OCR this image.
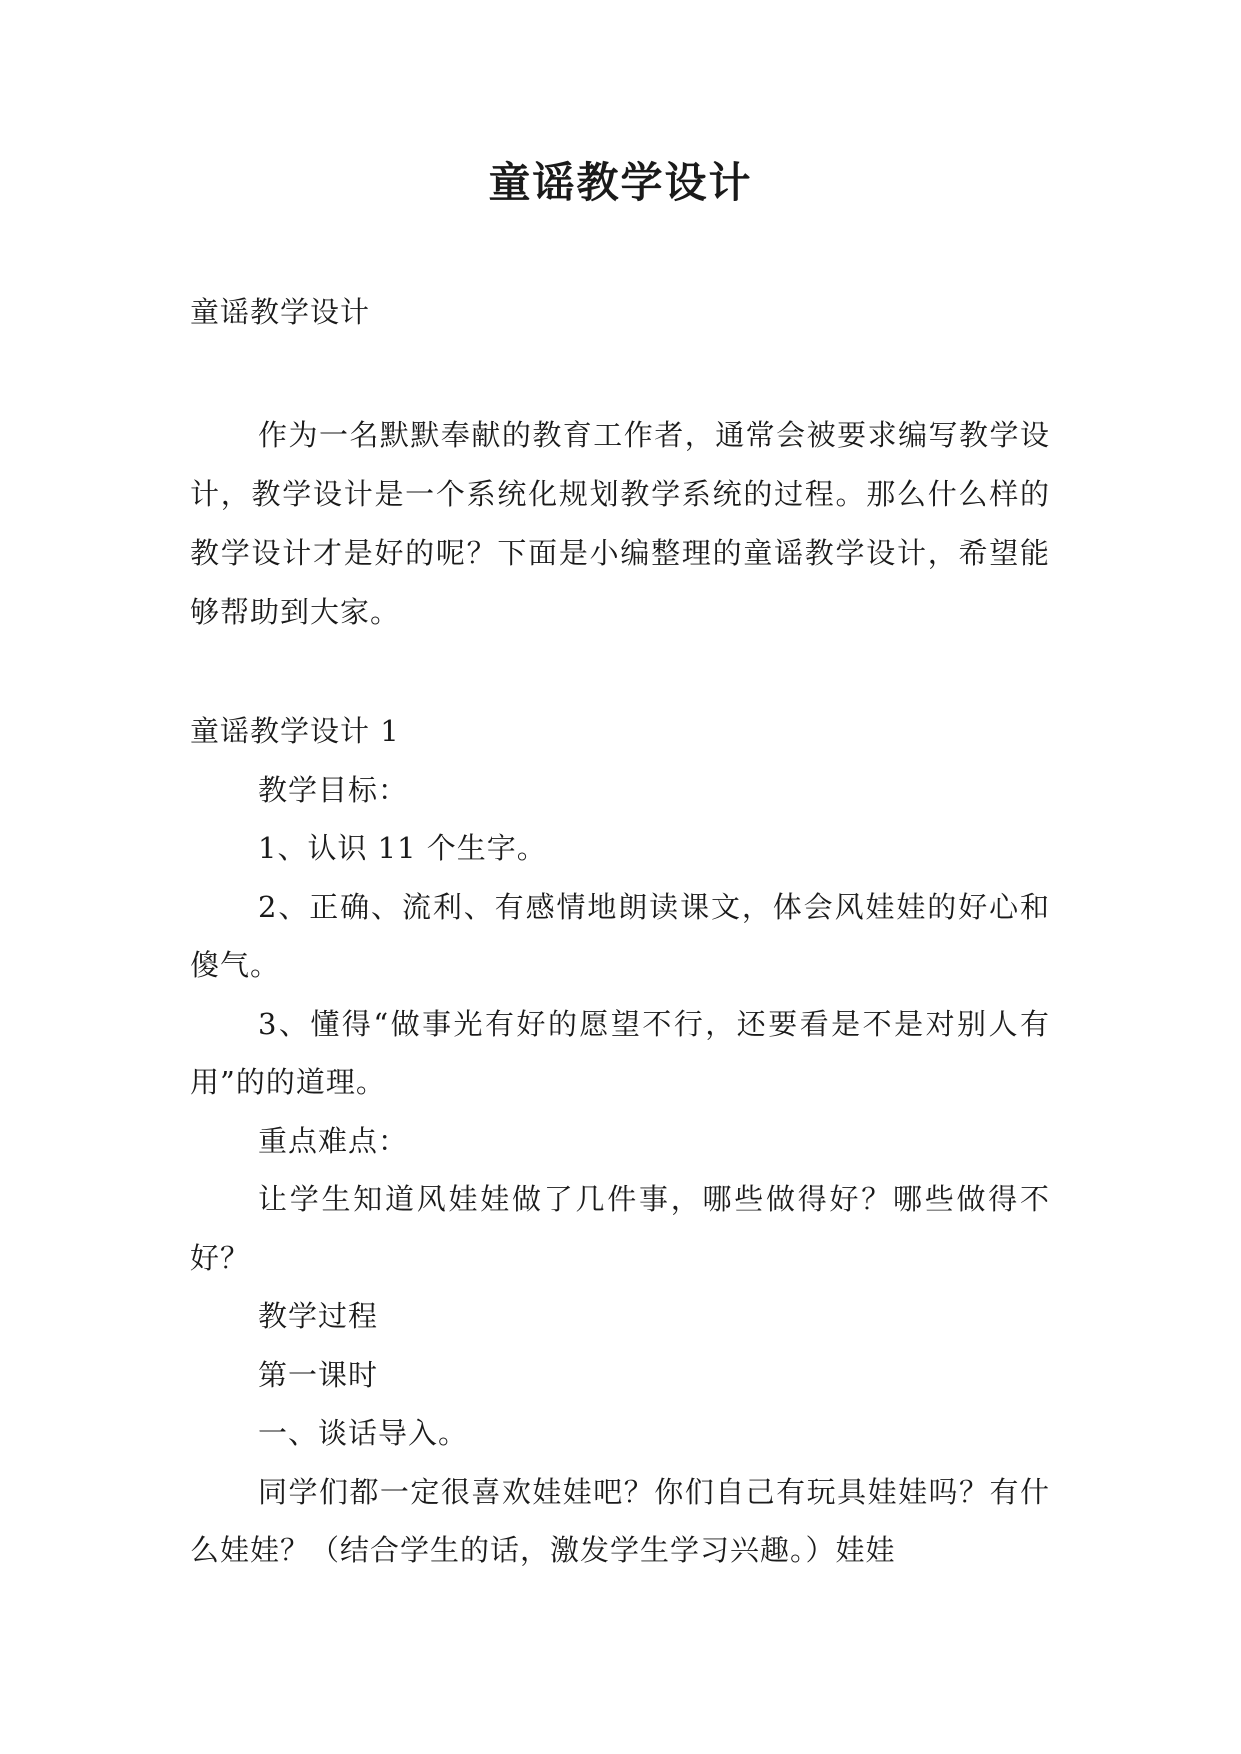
童谣教学设计
童谣教学设计

作为一名默默奉献的教育工作者，通常会被要求编写教学设计，教学设计是一个系统化规划教学系统的过程。那么什么样的教学设计才是好的呢？下面是小编整理的童谣教学设计，希望能够帮助到大家。

童谣教学设计 1

教学目标：

1、认识 11 个生字。

2、正确、流利、有感情地朗读课文，体会风娃娃的好心和傻气。

3、懂得“做事光有好的愿望不行，还要看是不是对别人有用”的的道理。

重点难点：

让学生知道风娃娃做了几件事，哪些做得好？哪些做得不好？

教学过程

第一课时

一、谈话导入。

同学们都一定很喜欢娃娃吧？你们自己有玩具娃娃吗？有什么娃娃？（结合学生的话，激发学生学习兴趣。）娃娃
